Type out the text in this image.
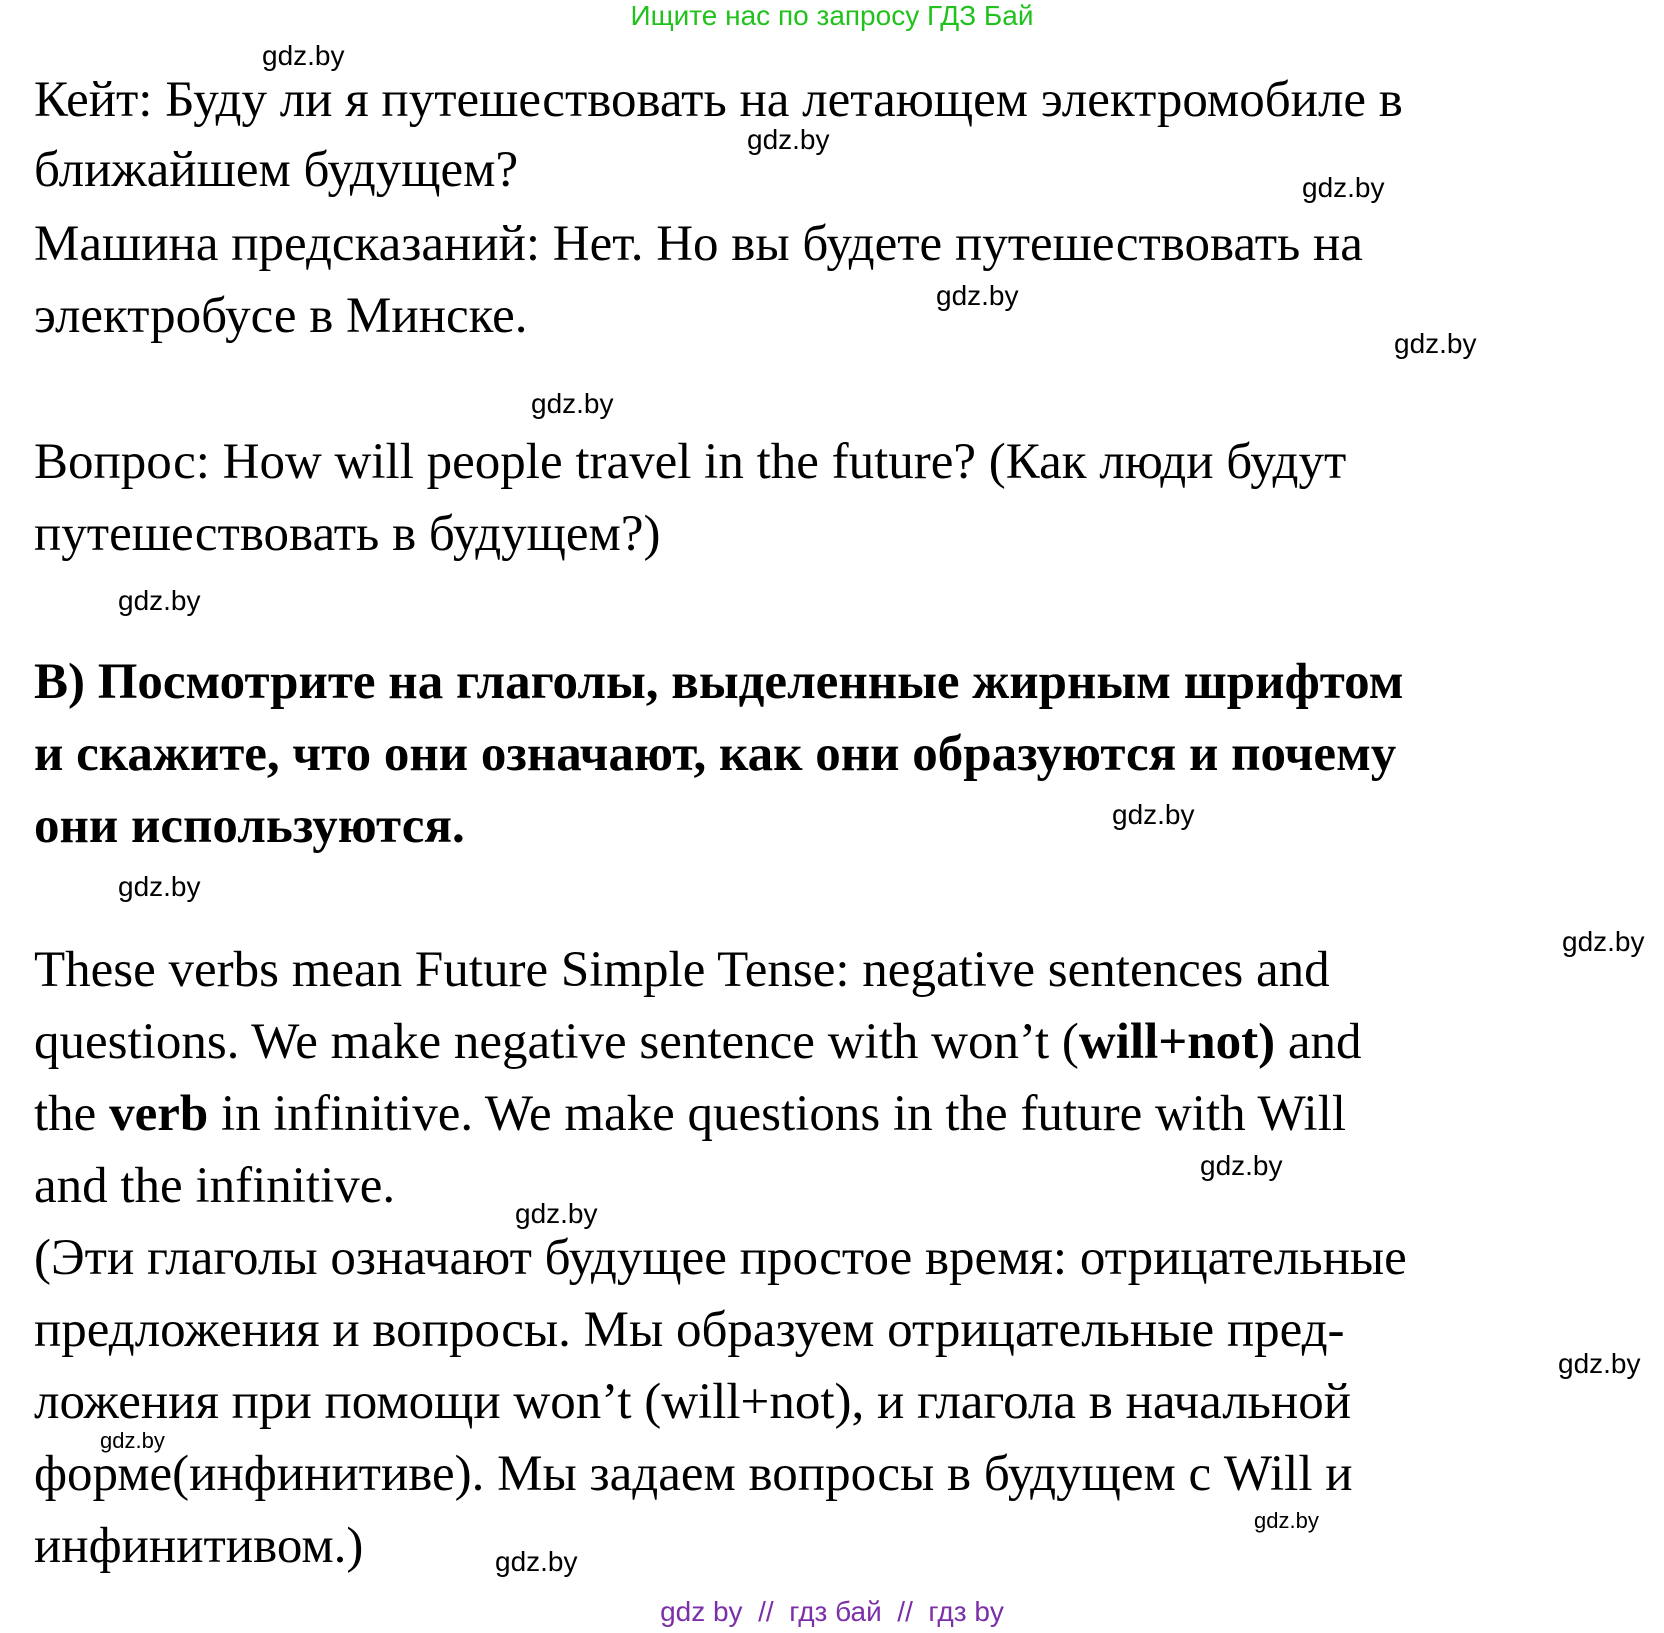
Ищите нас по запросу ГДЗ Бай
gdz.by
gdz.by
gdz.by
gdz.by
gdz.by
gdz.by
gdz.by
gdz.by
gdz.by
gdz.by
gdz.by
gdz.by
gdz.by
gdz.by
gdz.by
gdz.by
Кейт: Буду ли я путешествовать на летающем электромобиле в
ближайшем будущем?
Машина предсказаний: Нет. Но вы будете путешествовать на
электробусе в Минске.
Вопрос: How will people travel in the future? (Как люди будут
путешествовать в будущем?)
B) Посмотрите на глаголы, выделенные жирным шрифтом
и скажите, что они означают, как они образуются и почему
они используются.
These verbs mean Future Simple Tense: negative sentences and
questions. We make negative sentence with won’t (will+not) and
the verb in infinitive. We make questions in the future with Will
and the infinitive.
(Эти глаголы означают будущее простое время: отрицательные
предложения и вопросы. Мы образуем отрицательные пред-
ложения при помощи won’t (will+not), и глагола в начальной
форме(инфинитиве). Мы задаем вопросы в будущем с Will и
инфинитивом.)
gdz by  //  гдз бай  //  гдз by
